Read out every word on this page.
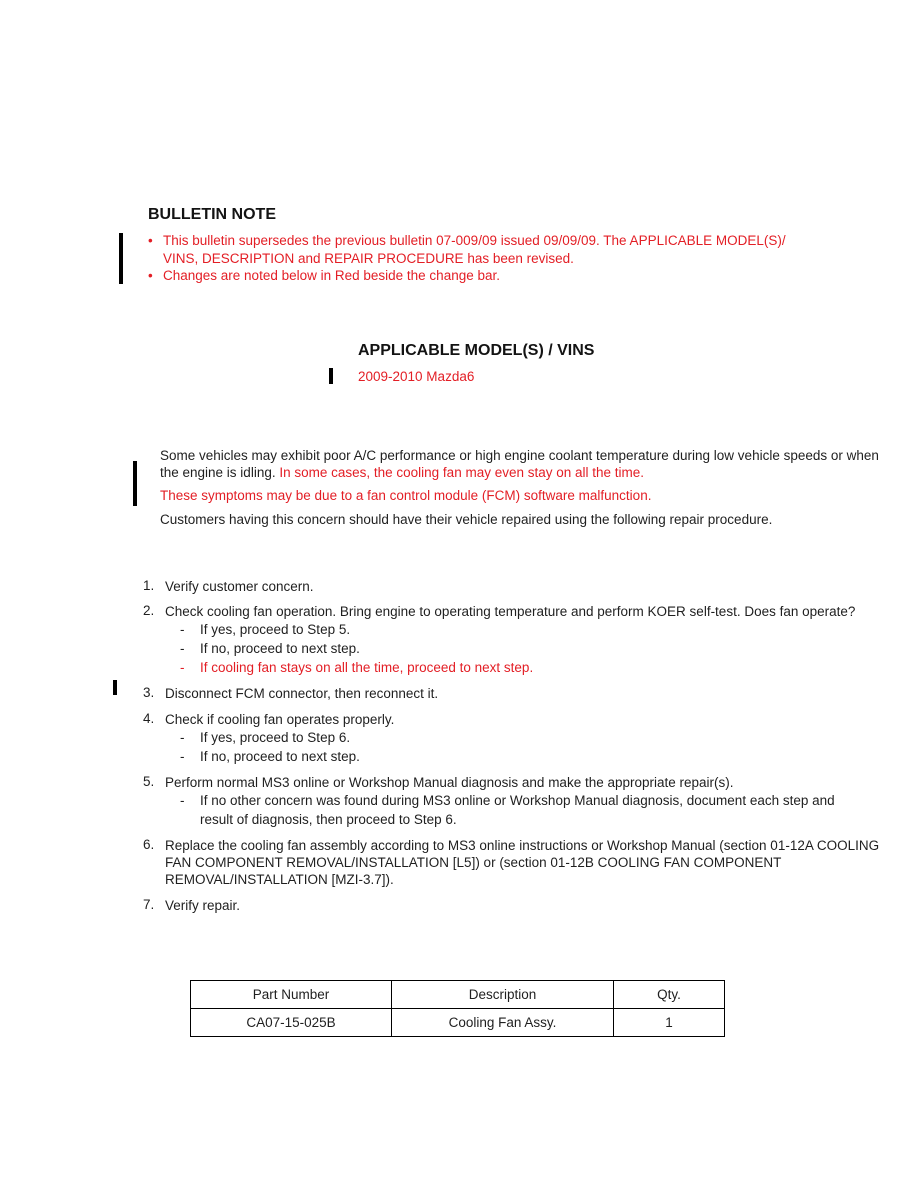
BULLETIN NOTE
• This bulletin supersedes the previous bulletin 07-009/09 issued 09/09/09. The APPLICABLE MODEL(S)/ VINS, DESCRIPTION and REPAIR PROCEDURE has been revised.
• Changes are noted below in Red beside the change bar.
APPLICABLE MODEL(S) / VINS
2009-2010 Mazda6

Some vehicles may exhibit poor A/C performance or high engine coolant temperature during low vehicle speeds or when the engine is idling. In some cases, the cooling fan may even stay on all the time.

These symptoms may be due to a fan control module (FCM) software malfunction.

Customers having this concern should have their vehicle repaired using the following repair procedure.

1. Verify customer concern.
2. Check cooling fan operation. Bring engine to operating temperature and perform KOER self-test. Does fan operate?
-	If yes, proceed to Step 5.
-	If no, proceed to next step.
-	If cooling fan stays on all the time, proceed to next step.
3. Disconnect FCM connector, then reconnect it.
4. Check if cooling fan operates properly.
-	If yes, proceed to Step 6.
-	If no, proceed to next step.
5. Perform normal MS3 online or Workshop Manual diagnosis and make the appropriate repair(s).
-	If no other concern was found during MS3 online or Workshop Manual diagnosis, document each step and result of diagnosis, then proceed to Step 6.
6. Replace the cooling fan assembly according to MS3 online instructions or Workshop Manual (section 01-12A COOLING FAN COMPONENT REMOVAL/INSTALLATION [L5]) or (section 01-12B COOLING FAN COMPONENT REMOVAL/INSTALLATION [MZI-3.7]).
7. Verify repair.
Part Number	Description	Qty.
CA07-15-025B	Cooling Fan Assy.	1
